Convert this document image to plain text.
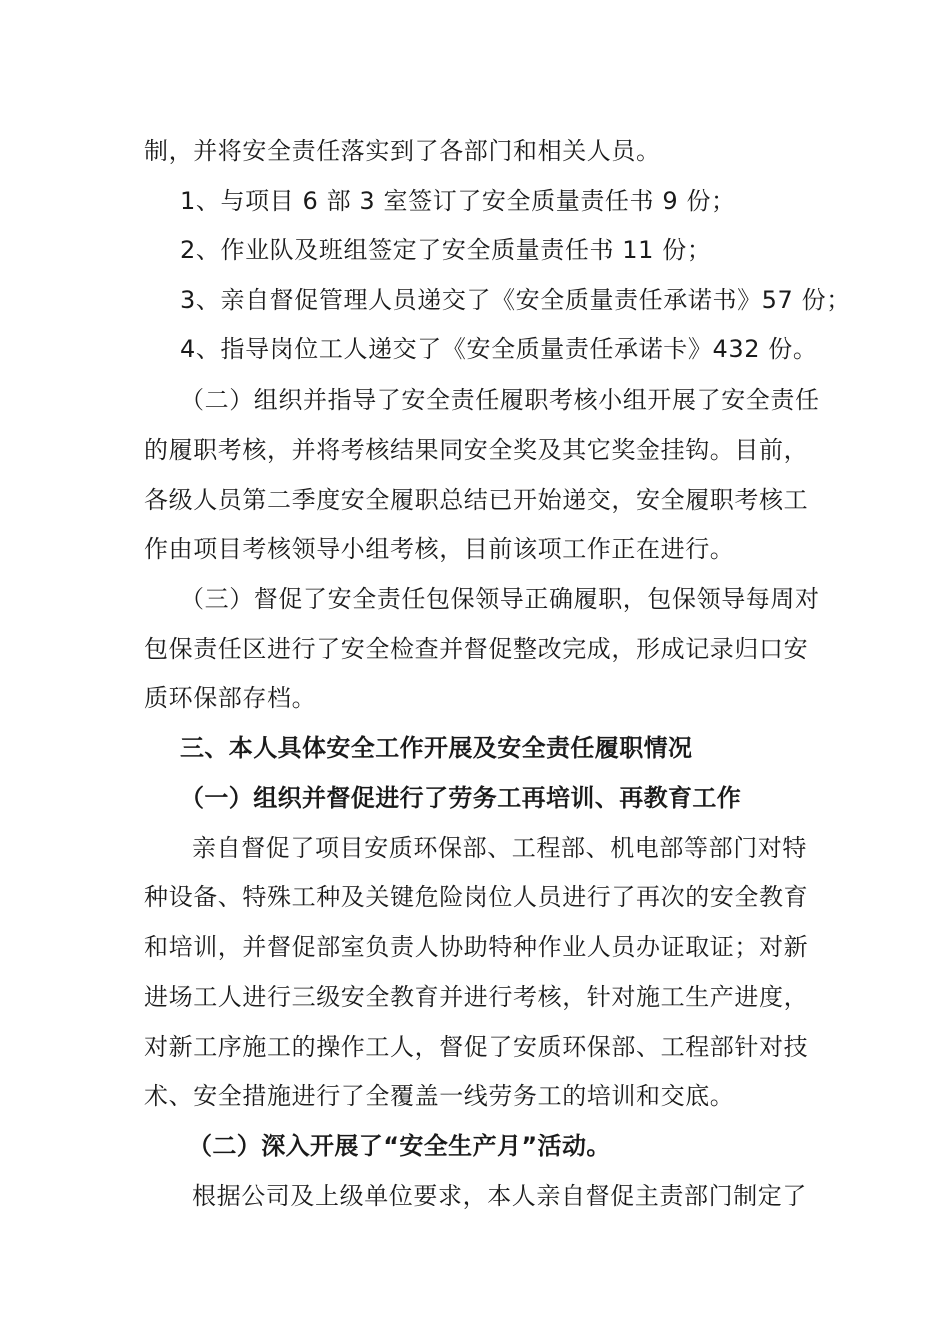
制，并将安全责任落实到了各部门和相关人员。
1、与项目 6 部 3 室签订了安全质量责任书 9 份；
2、作业队及班组签定了安全质量责任书 11 份；
3、亲自督促管理人员递交了《安全质量责任承诺书》57 份；
4、指导岗位工人递交了《安全质量责任承诺卡》432 份。
（二）组织并指导了安全责任履职考核小组开展了安全责任
的履职考核，并将考核结果同安全奖及其它奖金挂钩。目前，
各级人员第二季度安全履职总结已开始递交，安全履职考核工
作由项目考核领导小组考核，目前该项工作正在进行。
（三）督促了安全责任包保领导正确履职，包保领导每周对
包保责任区进行了安全检查并督促整改完成，形成记录归口安
质环保部存档。
三、本人具体安全工作开展及安全责任履职情况
（一）组织并督促进行了劳务工再培训、再教育工作
亲自督促了项目安质环保部、工程部、机电部等部门对特
种设备、特殊工种及关键危险岗位人员进行了再次的安全教育
和培训，并督促部室负责人协助特种作业人员办证取证；对新
进场工人进行三级安全教育并进行考核，针对施工生产进度，
对新工序施工的操作工人，督促了安质环保部、工程部针对技
术、安全措施进行了全覆盖一线劳务工的培训和交底。
（二）深入开展了“安全生产月”活动。
根据公司及上级单位要求，本人亲自督促主责部门制定了
